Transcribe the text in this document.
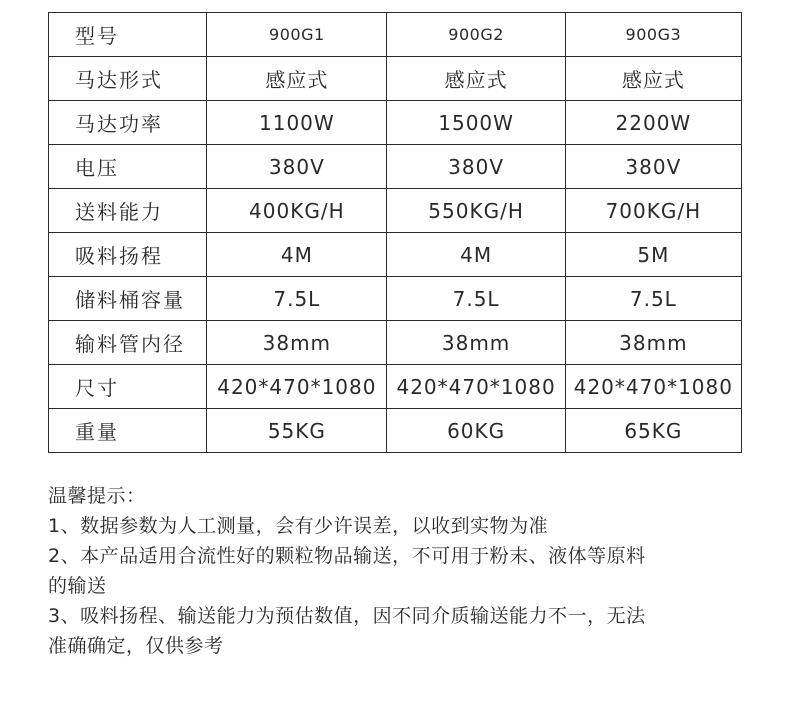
型号	900G1	900G2	900G3
马达形式	感应式	感应式	感应式
马达功率	1100W	1500W	2200W
电压	380V	380V	380V
送料能力	400KG/H	550KG/H	700KG/H
吸料扬程	4M	4M	5M
储料桶容量	7.5L	7.5L	7.5L
输料管内径	38mm	38mm	38mm
尺寸	420*470*1080	420*470*1080	420*470*1080
重量	55KG	60KG	65KG
温馨提示：
1、数据参数为人工测量，会有少许误差，以收到实物为准
2、本产品适用合流性好的颗粒物品输送，不可用于粉末、液体等原料
的输送
3、吸料扬程、输送能力为预估数值，因不同介质输送能力不一，无法
准确确定，仅供参考
